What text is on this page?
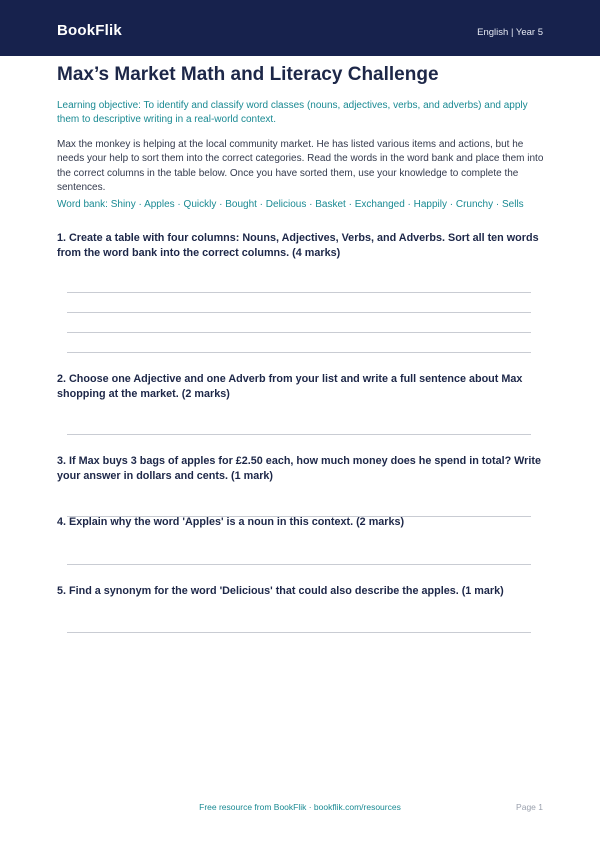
BookFlik	English | Year 5
Max’s Market Math and Literacy Challenge
Learning objective: To identify and classify word classes (nouns, adjectives, verbs, and adverbs) and apply them to descriptive writing in a real-world context.
Max the monkey is helping at the local community market. He has listed various items and actions, but he needs your help to sort them into the correct categories. Read the words in the word bank and place them into the correct columns in the table below. Once you have sorted them, use your knowledge to complete the sentences.
Word bank: Shiny · Apples · Quickly · Bought · Delicious · Basket · Exchanged · Happily · Crunchy · Sells
1. Create a table with four columns: Nouns, Adjectives, Verbs, and Adverbs. Sort all ten words from the word bank into the correct columns. (4 marks)
2. Choose one Adjective and one Adverb from your list and write a full sentence about Max shopping at the market. (2 marks)
3. If Max buys 3 bags of apples for £2.50 each, how much money does he spend in total? Write your answer in dollars and cents. (1 mark)
4. Explain why the word 'Apples' is a noun in this context. (2 marks)
5. Find a synonym for the word 'Delicious' that could also describe the apples. (1 mark)
Free resource from BookFlik · bookflik.com/resources	Page 1
